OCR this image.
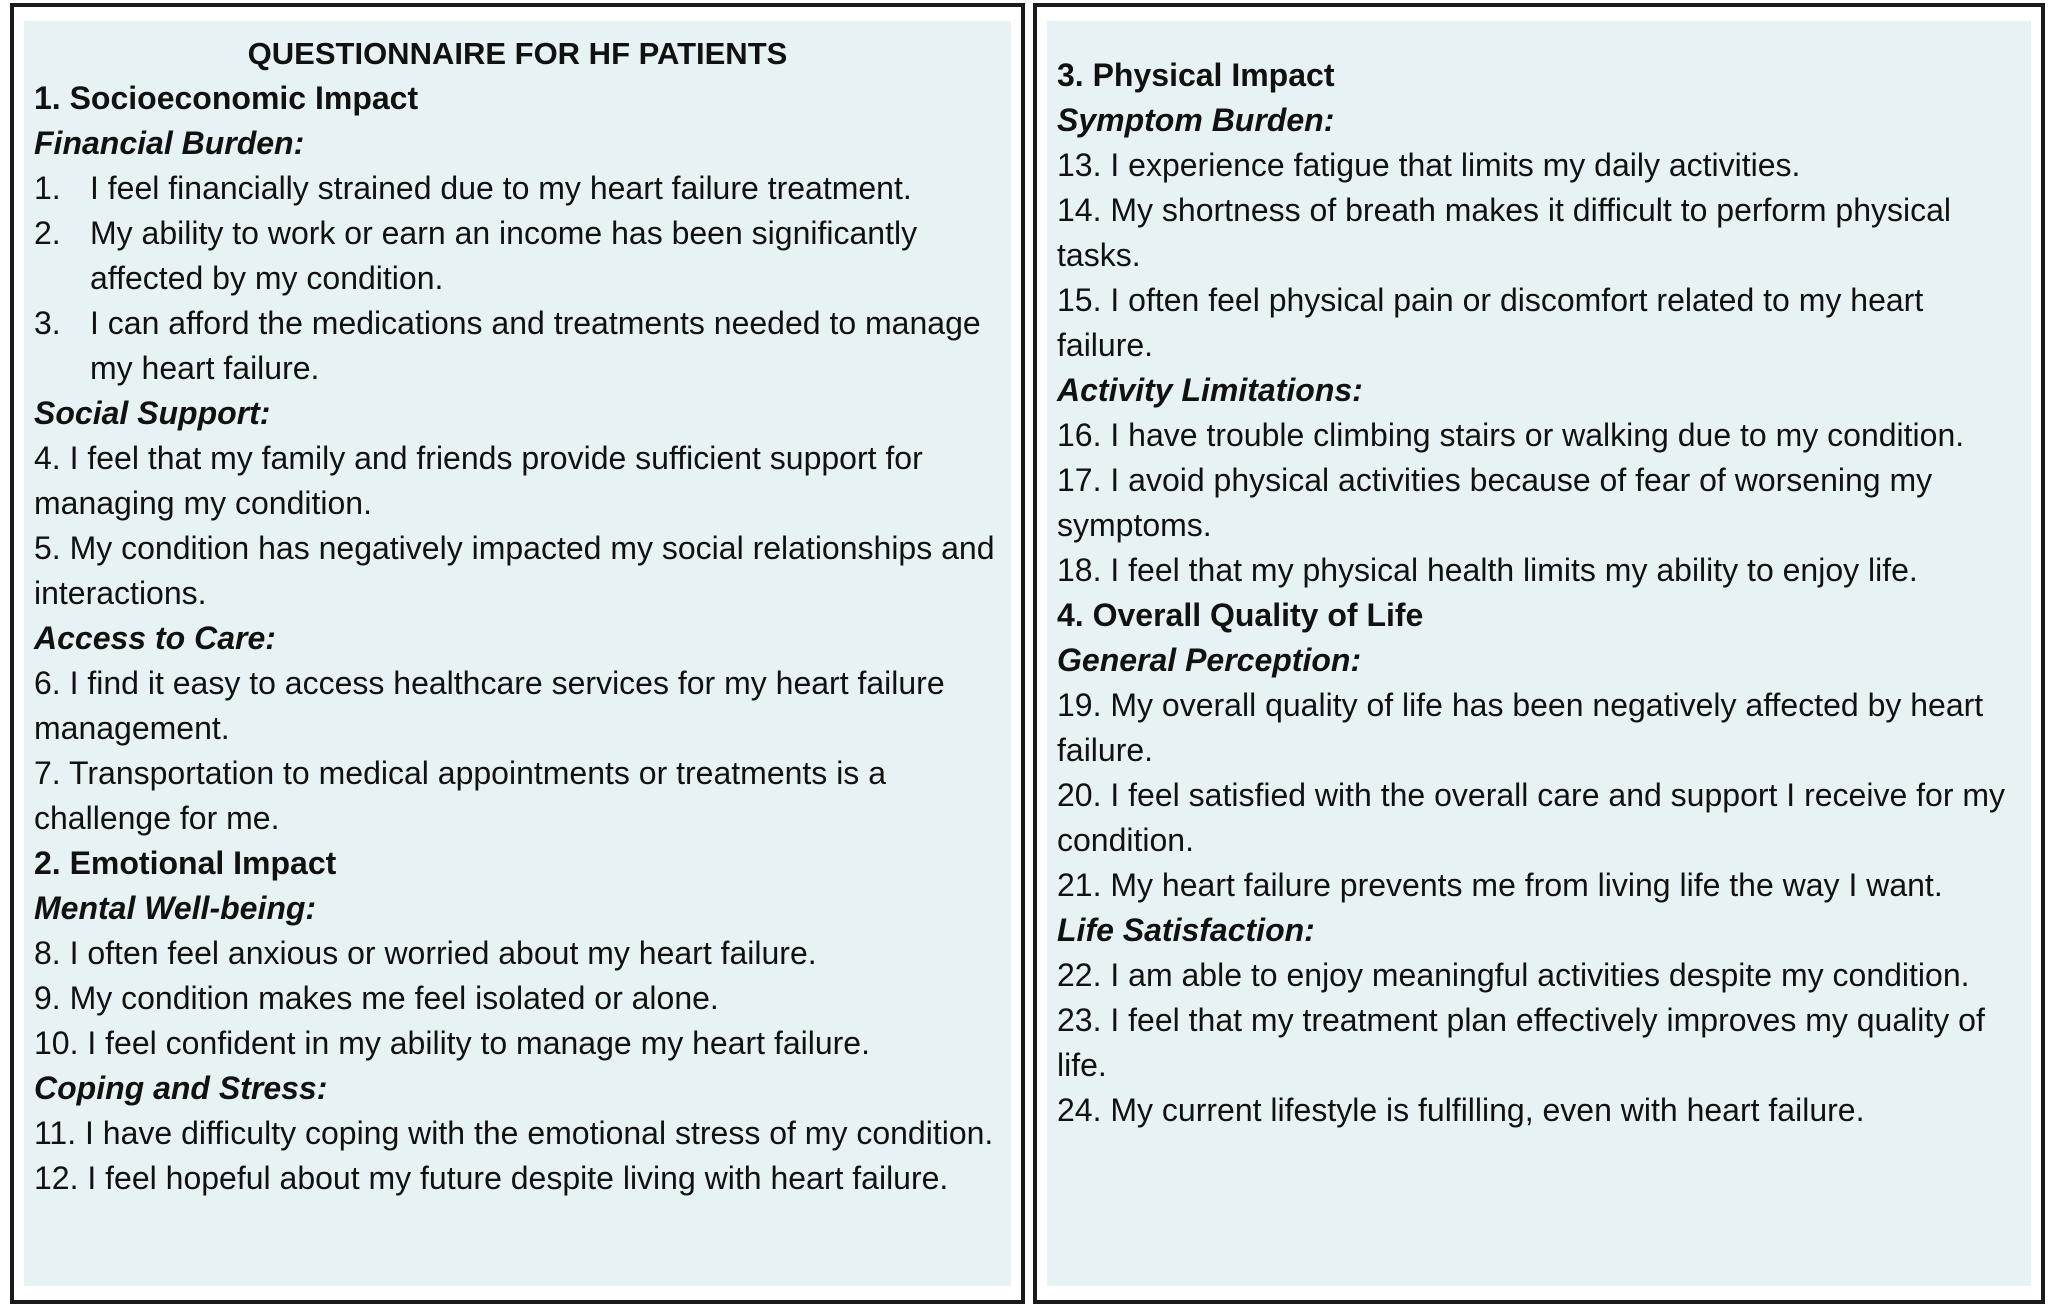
QUESTIONNAIRE FOR HF PATIENTS
1. Socioeconomic Impact
Financial Burden:
1. I feel financially strained due to my heart failure treatment.
2. My ability to work or earn an income has been significantly affected by my condition.
3. I can afford the medications and treatments needed to manage my heart failure.
Social Support:
4. I feel that my family and friends provide sufficient support for managing my condition.
5. My condition has negatively impacted my social relationships and interactions.
Access to Care:
6. I find it easy to access healthcare services for my heart failure management.
7. Transportation to medical appointments or treatments is a challenge for me.
2. Emotional Impact
Mental Well-being:
8. I often feel anxious or worried about my heart failure.
9. My condition makes me feel isolated or alone.
10. I feel confident in my ability to manage my heart failure.
Coping and Stress:
11. I have difficulty coping with the emotional stress of my condition.
12. I feel hopeful about my future despite living with heart failure.
3. Physical Impact
Symptom Burden:
13. I experience fatigue that limits my daily activities.
14. My shortness of breath makes it difficult to perform physical tasks.
15. I often feel physical pain or discomfort related to my heart failure.
Activity Limitations:
16. I have trouble climbing stairs or walking due to my condition.
17. I avoid physical activities because of fear of worsening my symptoms.
18. I feel that my physical health limits my ability to enjoy life.
4. Overall Quality of Life
General Perception:
19. My overall quality of life has been negatively affected by heart failure.
20. I feel satisfied with the overall care and support I receive for my condition.
21. My heart failure prevents me from living life the way I want.
Life Satisfaction:
22. I am able to enjoy meaningful activities despite my condition.
23. I feel that my treatment plan effectively improves my quality of life.
24. My current lifestyle is fulfilling, even with heart failure.
